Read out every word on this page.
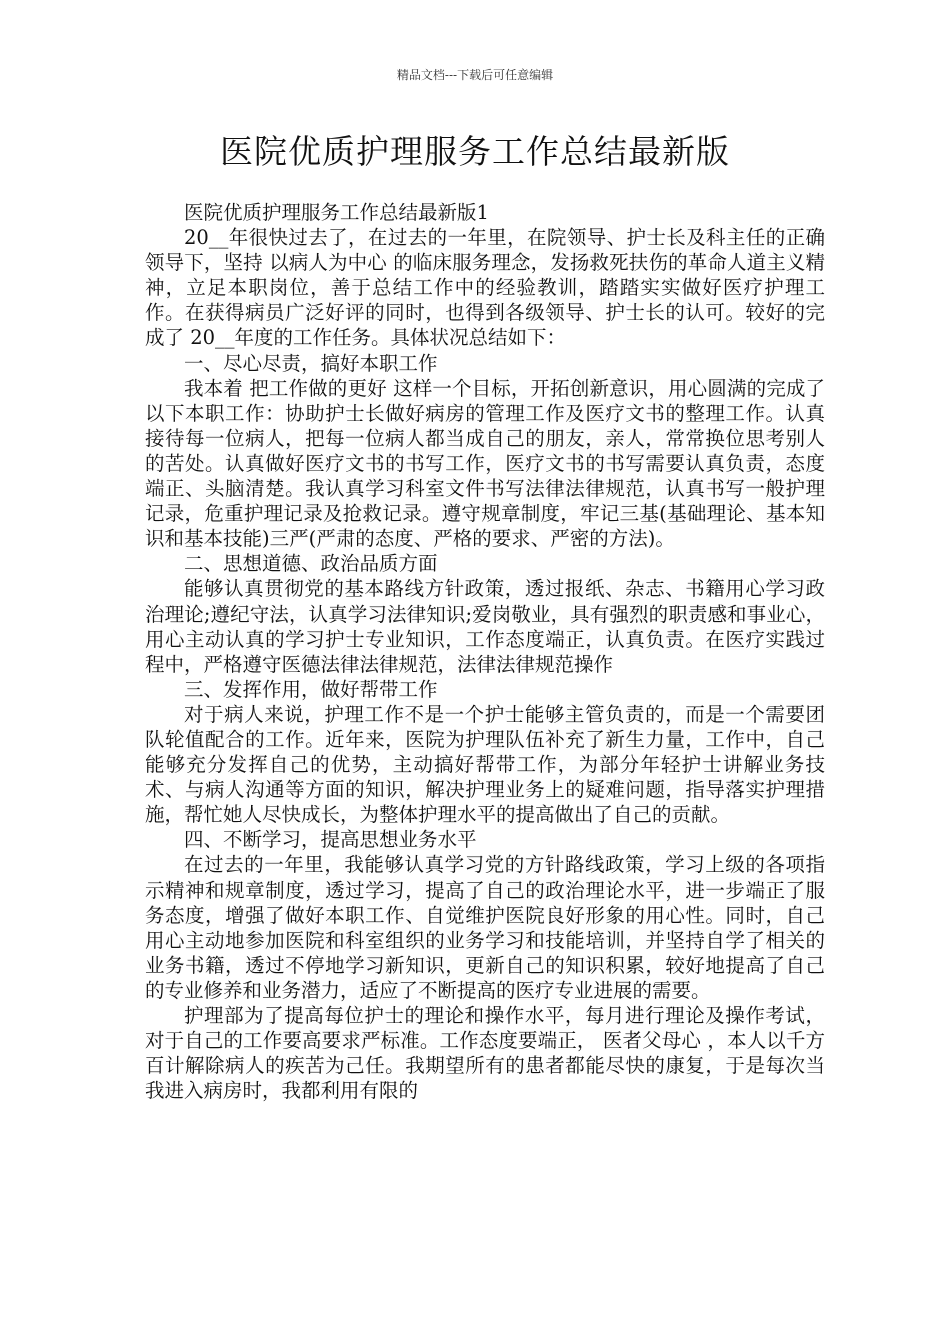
精品文档---下载后可任意编辑
医院优质护理服务工作总结最新版

医院优质护理服务工作总结最新版1

20__年很快过去了，在过去的一年里，在院领导、护士长及科主任的正确领导下，坚持 以病人为中心 的临床服务理念，发扬救死扶伤的革命人道主义精神，立足本职岗位，善于总结工作中的经验教训，踏踏实实做好医疗护理工作。在获得病员广泛好评的同时，也得到各级领导、护士长的认可。较好的完成了 20__年度的工作任务。具体状况总结如下：

一、尽心尽责，搞好本职工作

我本着 把工作做的更好 这样一个目标，开拓创新意识，用心圆满的完成了以下本职工作：协助护士长做好病房的管理工作及医疗文书的整理工作。认真接待每一位病人，把每一位病人都当成自己的朋友，亲人，常常换位思考别人的苦处。认真做好医疗文书的书写工作，医疗文书的书写需要认真负责，态度端正、头脑清楚。我认真学习科室文件书写法律法律规范，认真书写一般护理记录，危重护理记录及抢救记录。遵守规章制度，牢记三基(基础理论、基本知识和基本技能)三严(严肃的态度、严格的要求、严密的方法)。

二、思想道德、政治品质方面

能够认真贯彻党的基本路线方针政策，透过报纸、杂志、书籍用心学习政治理论;遵纪守法，认真学习法律知识;爱岗敬业，具有强烈的职责感和事业心，用心主动认真的学习护士专业知识，工作态度端正，认真负责。在医疗实践过程中，严格遵守医德法律法律规范，法律法律规范操作

三、发挥作用，做好帮带工作

对于病人来说，护理工作不是一个护士能够主管负责的，而是一个需要团队轮值配合的工作。近年来，医院为护理队伍补充了新生力量，工作中，自己能够充分发挥自己的优势，主动搞好帮带工作，为部分年轻护士讲解业务技术、与病人沟通等方面的知识，解决护理业务上的疑难问题，指导落实护理措施，帮忙她人尽快成长，为整体护理水平的提高做出了自己的贡献。

四、不断学习，提高思想业务水平

在过去的一年里，我能够认真学习党的方针路线政策，学习上级的各项指示精神和规章制度，透过学习，提高了自己的政治理论水平，进一步端正了服务态度，增强了做好本职工作、自觉维护医院良好形象的用心性。同时，自己用心主动地参加医院和科室组织的业务学习和技能培训，并坚持自学了相关的业务书籍，透过不停地学习新知识，更新自己的知识积累，较好地提高了自己的专业修养和业务潜力，适应了不断提高的医疗专业进展的需要。

护理部为了提高每位护士的理论和操作水平，每月进行理论及操作考试，对于自己的工作要高要求严标准。工作态度要端正， 医者父母心 ，本人以千方百计解除病人的疾苦为己任。我期望所有的患者都能尽快的康复，于是每次当我进入病房时，我都利用有限的
